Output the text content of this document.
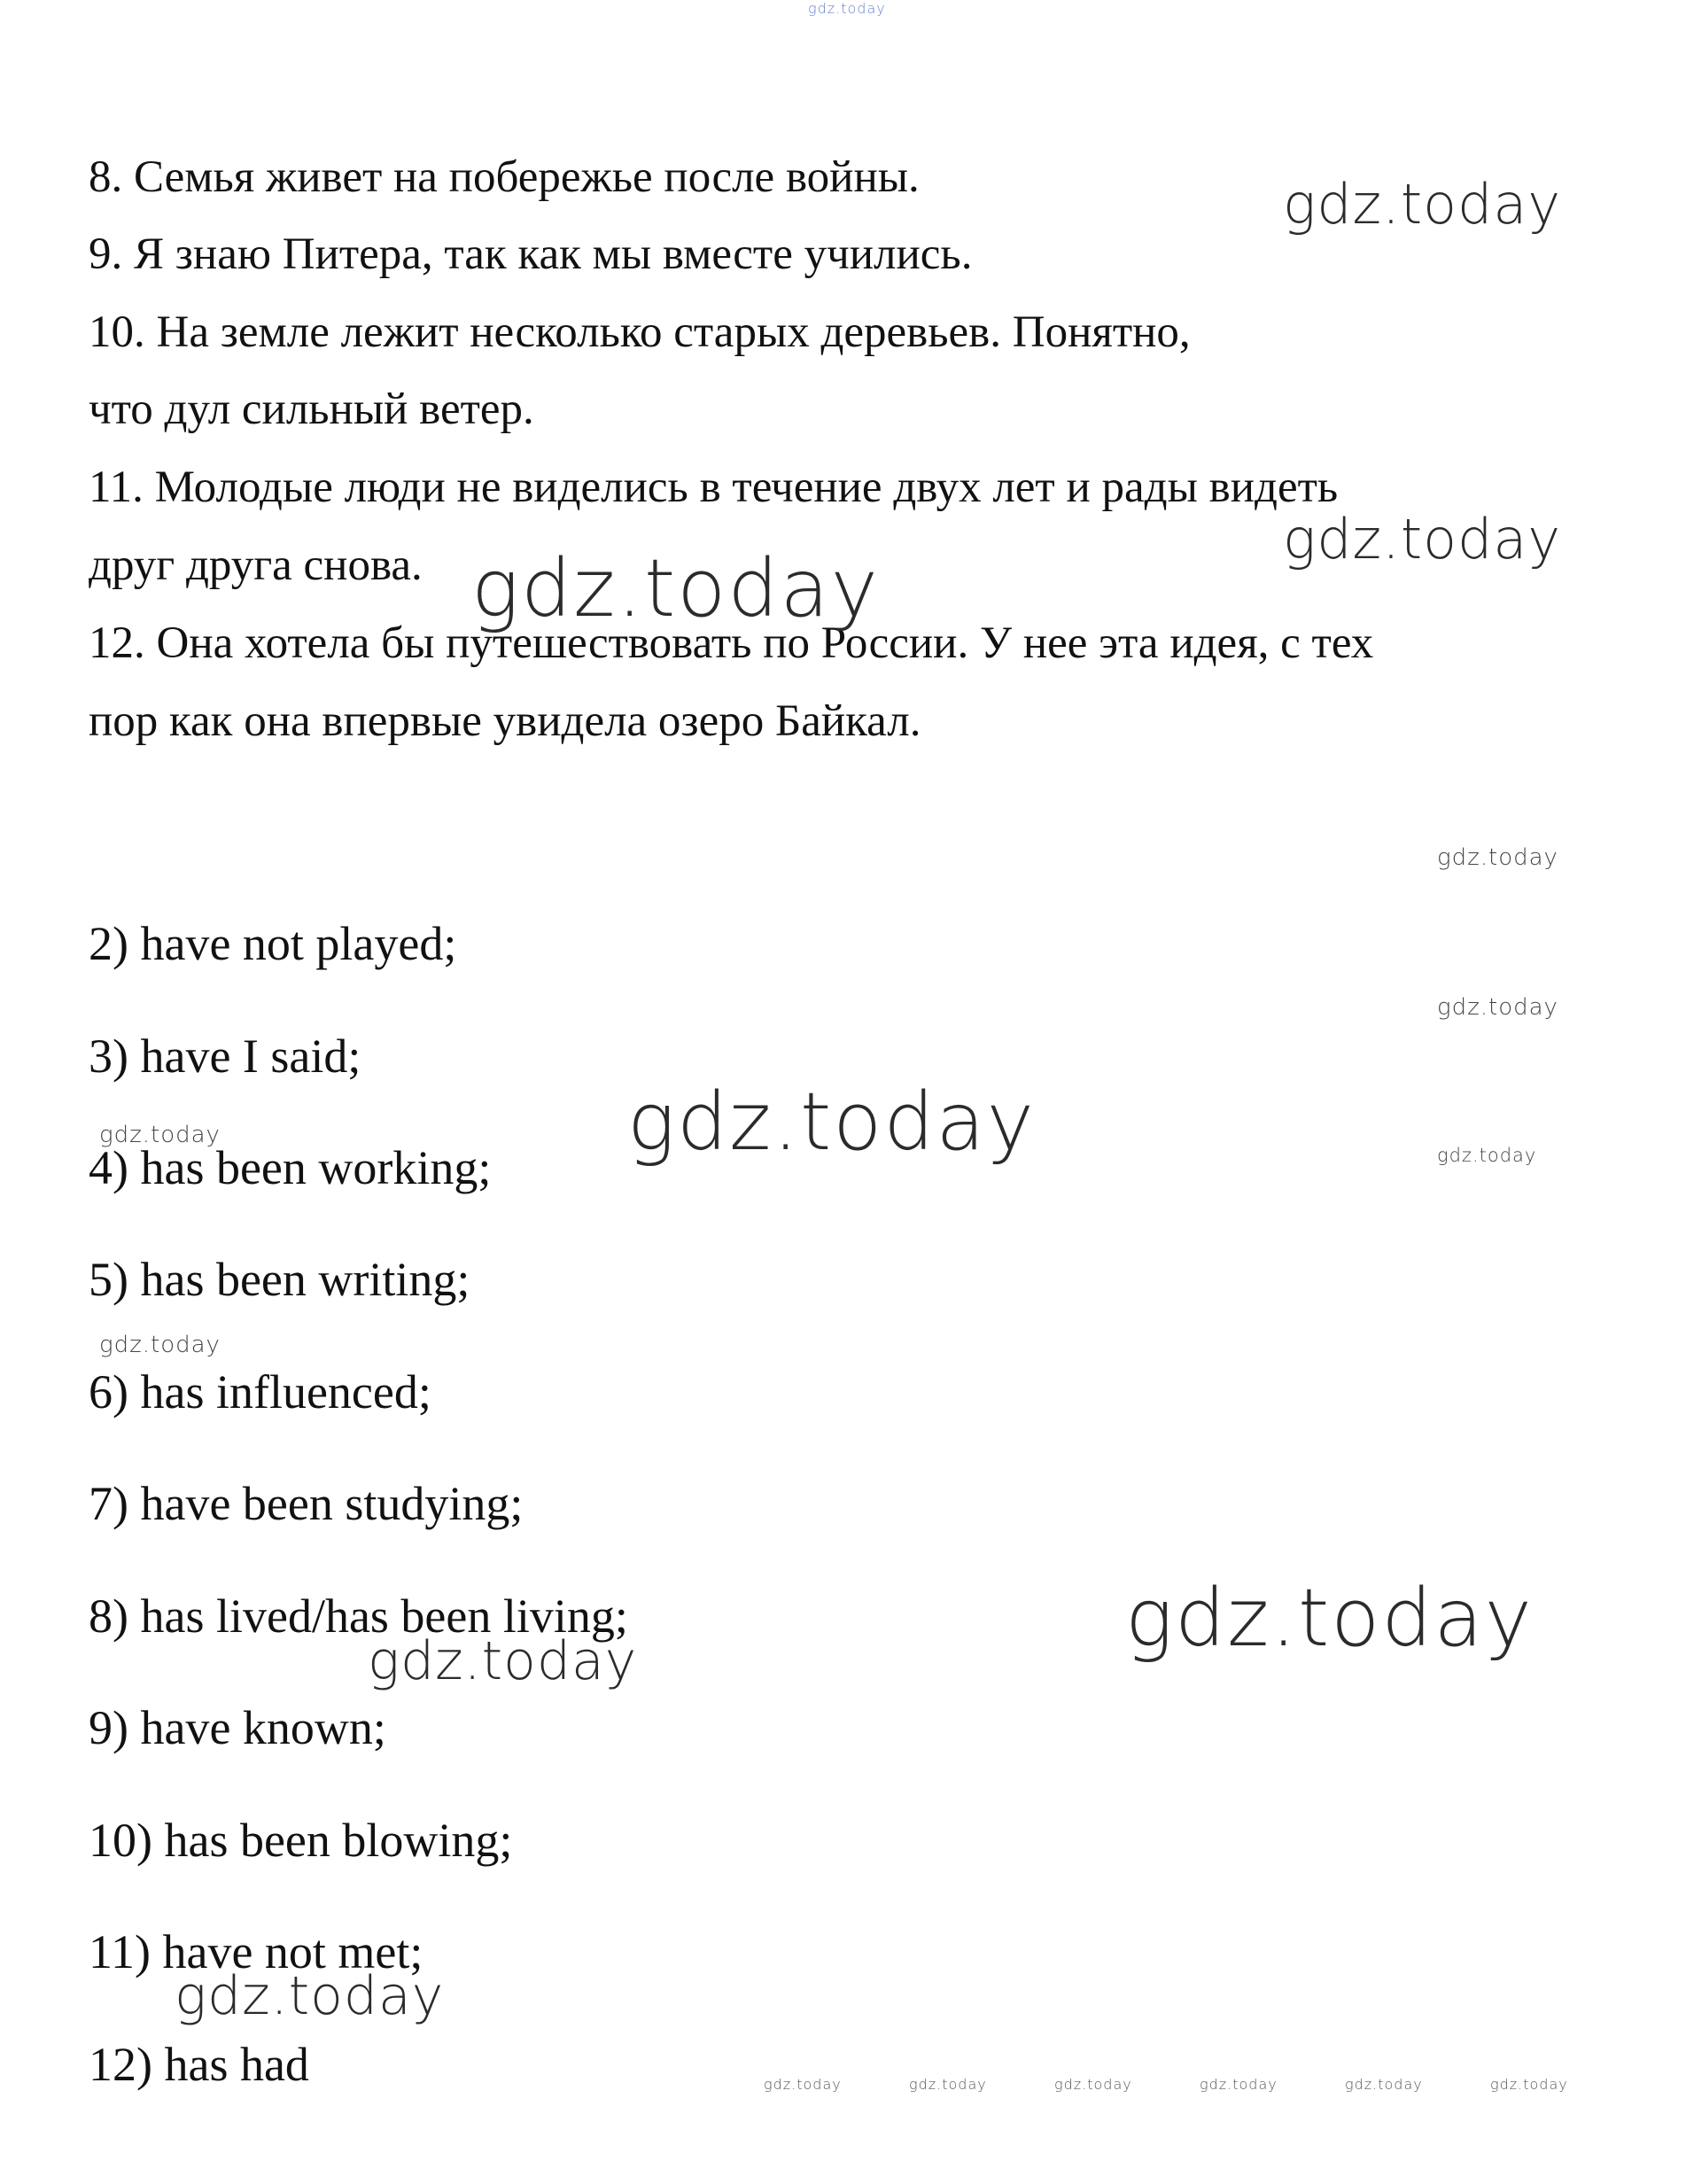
gdz.today

8. Семья живет на побережье после войны.

9. Я знаю Питера, так как мы вместе учились.

10. На земле лежит несколько старых деревьев. Понятно,

что дул сильный ветер.

11. Молодые люди не виделись в течение двух лет и рады видеть

друг друга снова.

12. Она хотела бы путешествовать по России. У нее эта идея, с тех

пор как она впервые увидела озеро Байкал.

2) have not played;

3) have I said;

4) has been working;

5) has been writing;

6) has influenced;

7) have been studying;

8) has lived/has been living;

9) have known;

10) has been blowing;

11) have not met;

12) has had

gdz.today
gdz.today
gdz.today
gdz.today
gdz.today
gdz.today
gdz.today
gdz.today
gdz.today
gdz.today
gdz.today
gdz.today
gdz.today	gdz.today	gdz.today	gdz.today	gdz.today	gdz.today
